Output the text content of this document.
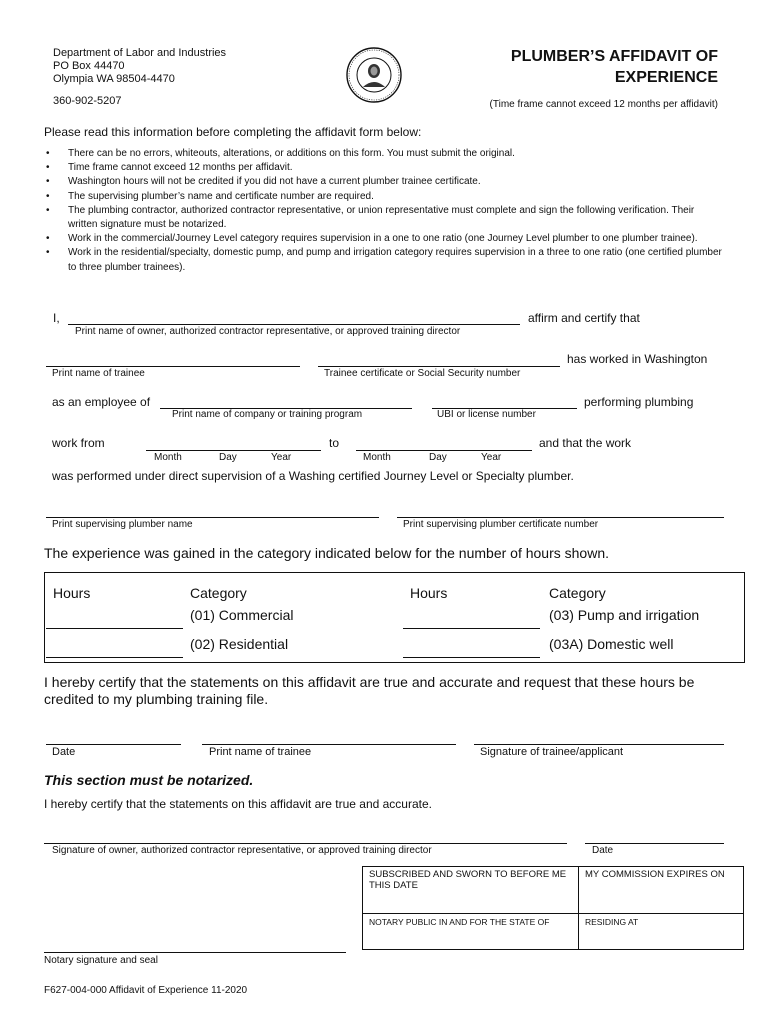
Department of Labor and Industries
PO Box 44470
Olympia WA 98504-4470
360-902-5207
PLUMBER’S AFFIDAVIT OF
EXPERIENCE
(Time frame cannot exceed 12 months per affidavit)
Please read this information before completing the affidavit form below:
• There can be no errors, whiteouts, alterations, or additions on this form. You must submit the original.
• Time frame cannot exceed 12 months per affidavit.
• Washington hours will not be credited if you did not have a current plumber trainee certificate.
• The supervising plumber’s name and certificate number are required.
• The plumbing contractor, authorized contractor representative, or union representative must complete and sign the following verification. Their written signature must be notarized.
• Work in the commercial/Journey Level category requires supervision in a one to one ratio (one Journey Level plumber to one plumber trainee).
• Work in the residential/specialty, domestic pump, and pump and irrigation category requires supervision in a three to one ratio (one certified plumber to three plumber trainees).
I,	affirm and certify that
Print name of owner, authorized contractor representative, or approved training director
has worked in Washington
Print name of trainee	Trainee certificate or Social Security number
as an employee of	performing plumbing
Print name of company or training program	UBI or license number
work from	to	and that the work
Month	Day	Year	Month	Day	Year
was performed under direct supervision of a Washing certified Journey Level or Specialty plumber.
Print supervising plumber name	Print supervising plumber certificate number
The experience was gained in the category indicated below for the number of hours shown.
Hours	Category	Hours	Category
(01) Commercial	(03) Pump and irrigation
(02) Residential	(03A) Domestic well
I hereby certify that the statements on this affidavit are true and accurate and request that these hours be credited to my plumbing training file.
Date	Print name of trainee	Signature of trainee/applicant
This section must be notarized.
I hereby certify that the statements on this affidavit are true and accurate.
Signature of owner, authorized contractor representative, or approved training director	Date
SUBSCRIBED AND SWORN TO BEFORE ME THIS DATE
MY COMMISSION EXPIRES ON
NOTARY PUBLIC IN AND FOR THE STATE OF	RESIDING AT
Notary signature and seal
F627-004-000 Affidavit of Experience 11-2020
